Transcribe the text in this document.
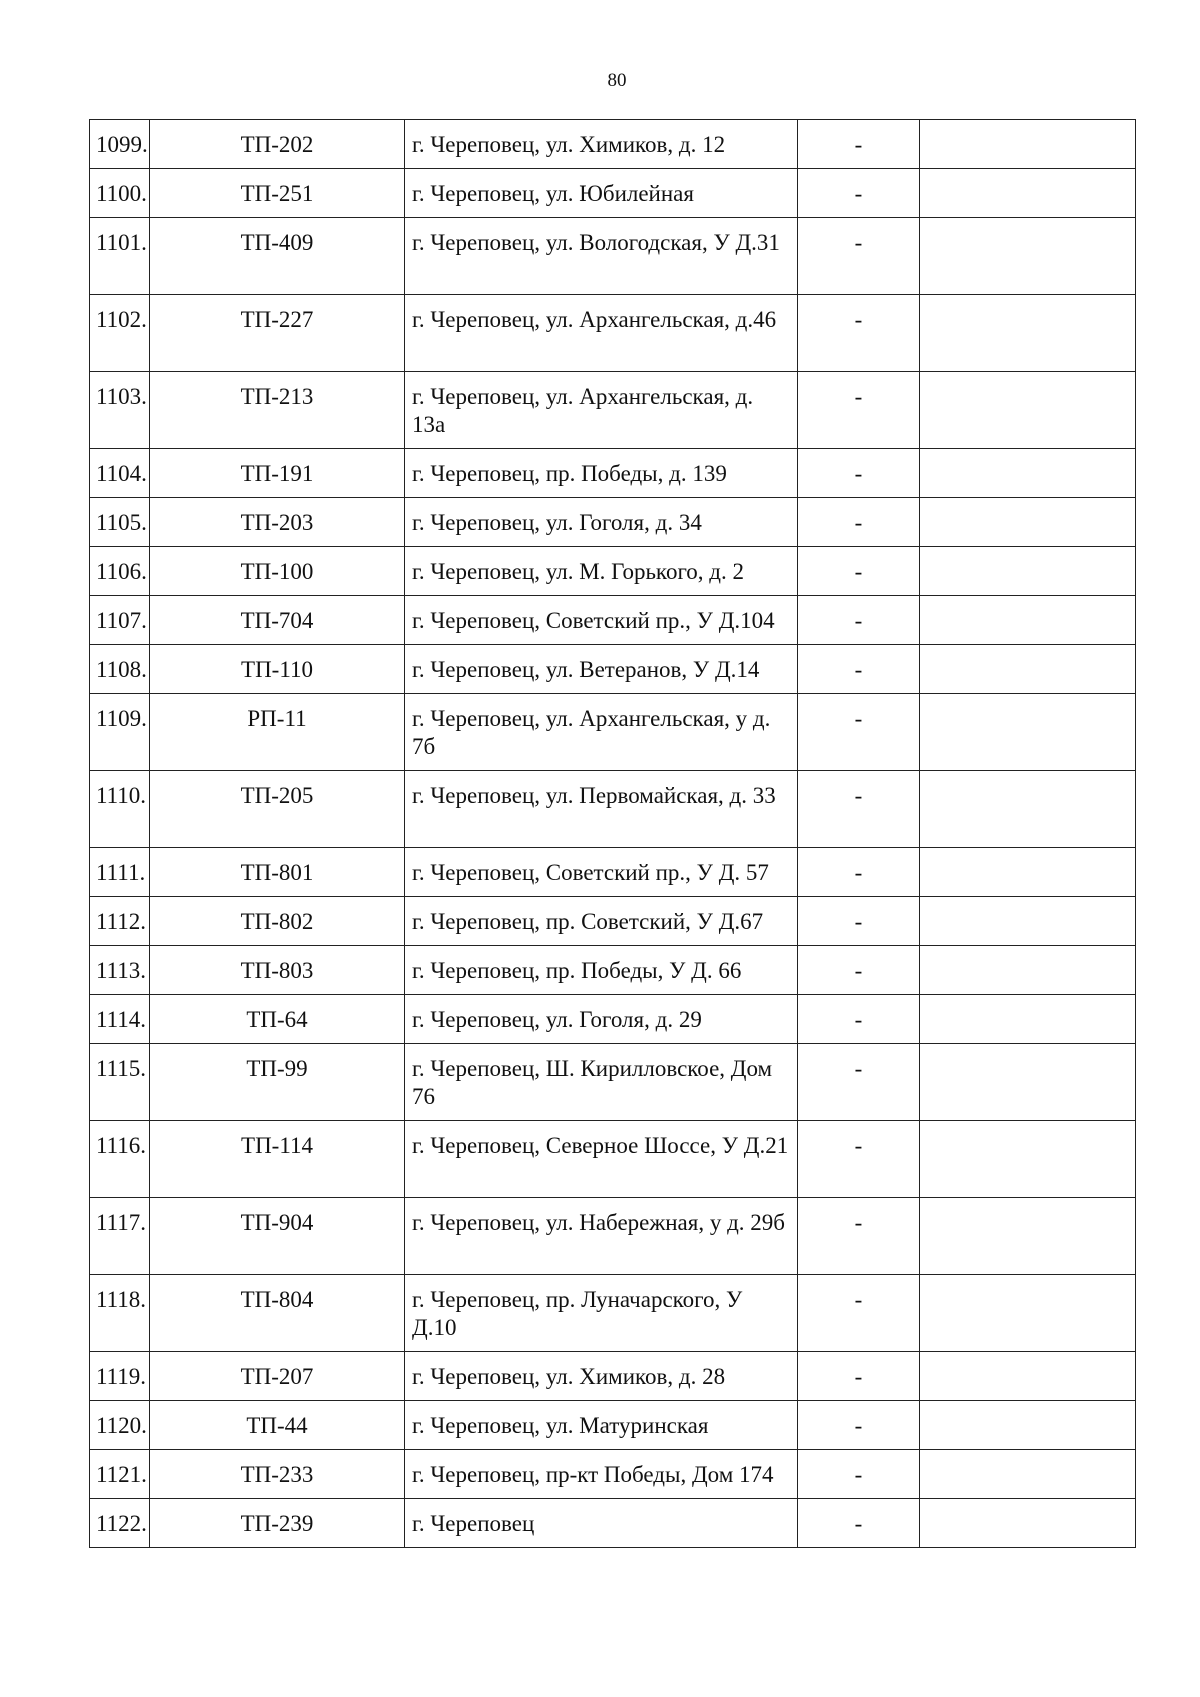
80
1099.	ТП-202	г. Череповец, ул. Химиков, д. 12	-	
1100.	ТП-251	г. Череповец, ул. Юбилейная	-	
1101.	ТП-409	г. Череповец, ул. Вологодская, У Д.31	-	
1102.	ТП-227	г. Череповец, ул. Архангельская, д.46	-	
1103.	ТП-213	г. Череповец, ул. Архангельская, д. 13а	-	
1104.	ТП-191	г. Череповец, пр. Победы, д. 139	-	
1105.	ТП-203	г. Череповец, ул. Гоголя, д. 34	-	
1106.	ТП-100	г. Череповец, ул. М. Горького, д. 2	-	
1107.	ТП-704	г. Череповец, Советский пр., У Д.104	-	
1108.	ТП-110	г. Череповец, ул. Ветеранов, У Д.14	-	
1109.	РП-11	г. Череповец, ул. Архангельская, у д. 7б	-	
1110.	ТП-205	г. Череповец, ул. Первомайская, д. 33	-	
1111.	ТП-801	г. Череповец, Советский пр., У Д. 57	-	
1112.	ТП-802	г. Череповец, пр. Советский, У Д.67	-	
1113.	ТП-803	г. Череповец, пр. Победы, У Д. 66	-	
1114.	ТП-64	г. Череповец, ул. Гоголя, д. 29	-	
1115.	ТП-99	г. Череповец, Ш. Кирилловское, Дом 76	-	
1116.	ТП-114	г. Череповец, Северное Шоссе, У Д.21	-	
1117.	ТП-904	г. Череповец, ул. Набережная, у д. 29б	-	
1118.	ТП-804	г. Череповец, пр. Луначарского, У Д.10	-	
1119.	ТП-207	г. Череповец, ул. Химиков, д. 28	-	
1120.	ТП-44	г. Череповец, ул. Матуринская	-	
1121.	ТП-233	г. Череповец, пр-кт Победы, Дом 174	-	
1122.	ТП-239	г. Череповец	-	
